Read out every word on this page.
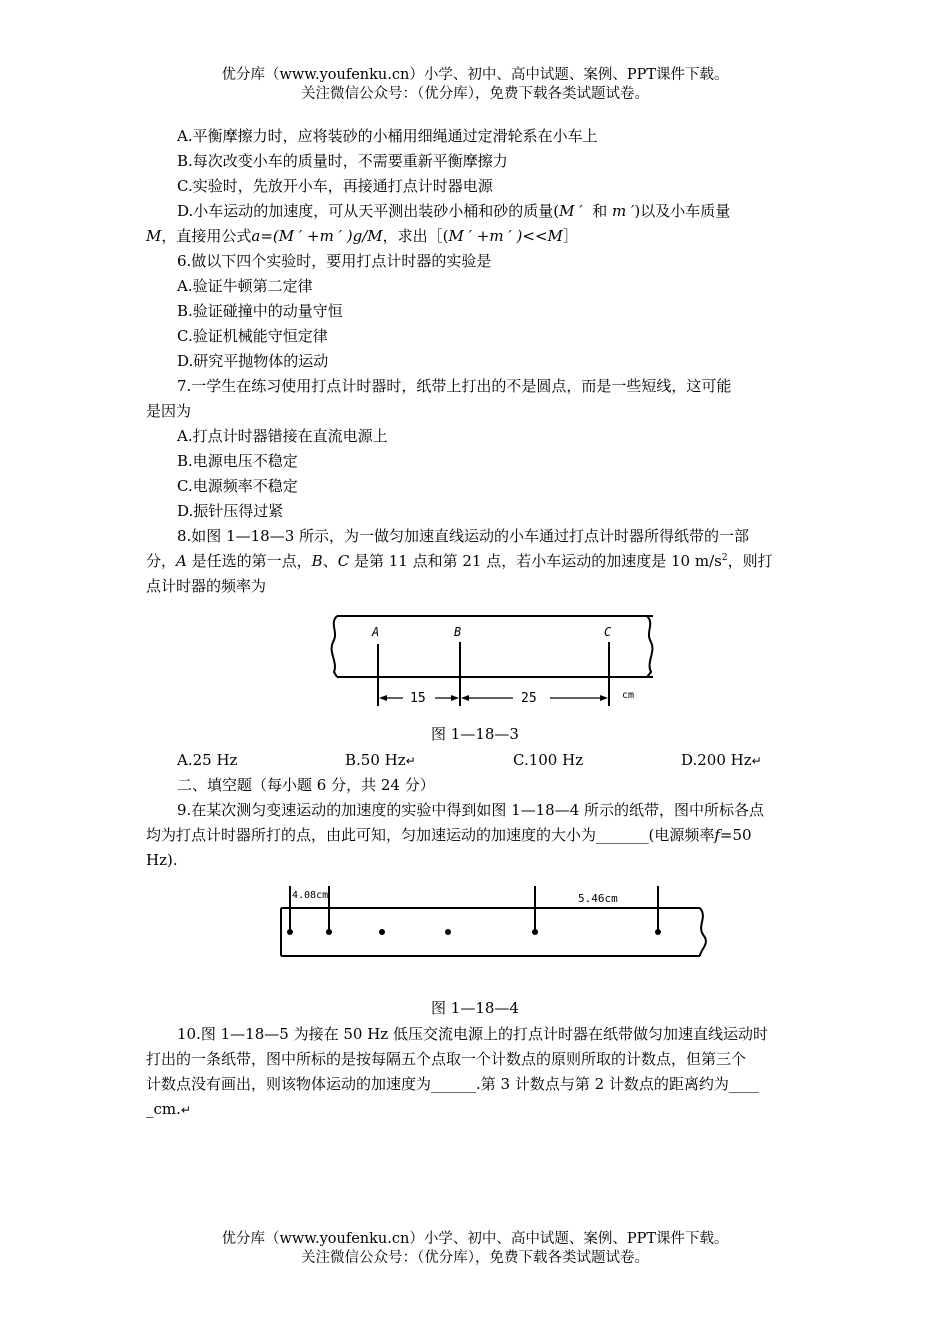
优分库（www.youfenku.cn）小学、初中、高中试题、案例、PPT课件下载。
关注微信公众号：（优分库），免费下载各类试题试卷。
A.平衡摩擦力时，应将装砂的小桶用细绳通过定滑轮系在小车上
B.每次改变小车的质量时，不需要重新平衡摩擦力
C.实验时，先放开小车，再接通打点计时器电源
D.小车运动的加速度，可从天平测出装砂小桶和砂的质量(M ′ 和 m ′)以及小车质量
M，直接用公式a=(M ′ +m ′ )g/M，求出［(M ′ +m ′ )<<M］
6.做以下四个实验时，要用打点计时器的实验是
A.验证牛顿第二定律
B.验证碰撞中的动量守恒
C.验证机械能守恒定律
D.研究平抛物体的运动
7.一学生在练习使用打点计时器时，纸带上打出的不是圆点，而是一些短线，这可能
是因为
A.打点计时器错接在直流电源上
B.电源电压不稳定
C.电源频率不稳定
D.振针压得过紧
8.如图 1—18—3 所示，为一做匀加速直线运动的小车通过打点计时器所得纸带的一部
分，A 是任选的第一点，B、C 是第 11 点和第 21 点，若小车运动的加速度是 10 $m/s^2$，则打
点计时器的频率为
A	B	C
15	25	cm
图 1—18—3
A.25 Hz	B.50 Hz↵	C.100 Hz	D.200 Hz↵
二、填空题（每小题 6 分，共 24 分）
9.在某次测匀变速运动的加速度的实验中得到如图 1—18—4 所示的纸带，图中所标各点
均为打点计时器所打的点，由此可知，匀加速运动的加速度的大小为_______(电源频率f=50
Hz).
4.08cm	5.46cm
图 1—18—4
10.图 1—18—5 为接在 50 Hz 低压交流电源上的打点计时器在纸带做匀加速直线运动时
打出的一条纸带，图中所标的是按每隔五个点取一个计数点的原则所取的计数点，但第三个
计数点没有画出，则该物体运动的加速度为______.第 3 计数点与第 2 计数点的距离约为____
_cm.↵
优分库（www.youfenku.cn）小学、初中、高中试题、案例、PPT课件下载。
关注微信公众号：（优分库），免费下载各类试题试卷。
